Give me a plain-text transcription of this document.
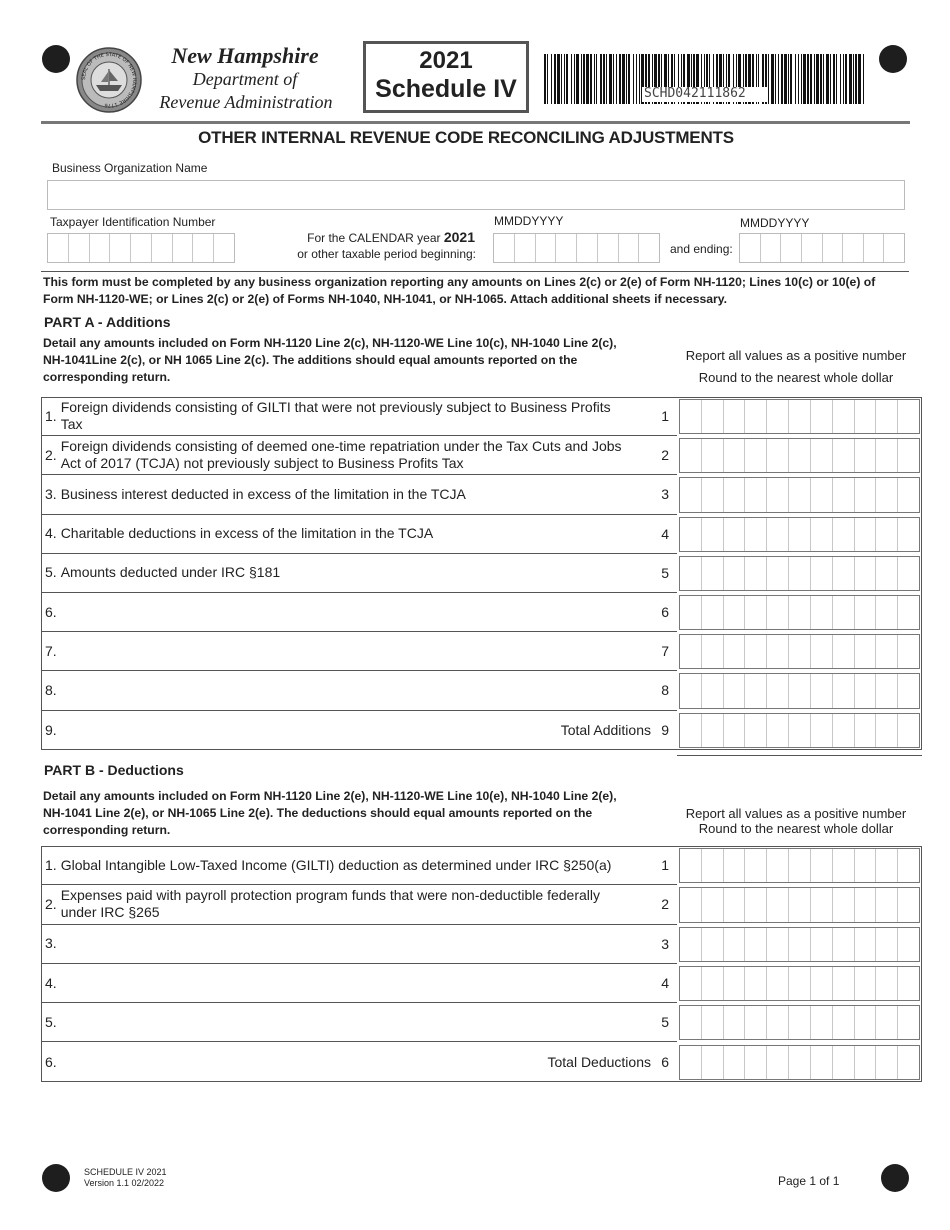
SEAL OF THE STATE OF NEW HAMPSHIRE 1776
New Hampshire
Department of
Revenue Administration
2021
Schedule IV	SCHD042111862
OTHER INTERNAL REVENUE CODE RECONCILING ADJUSTMENTS
Business Organization Name
Taxpayer Identification Number
For the CALENDAR year 2021
or other taxable period beginning:
MMDDYYYY
and ending:
MMDDYYYY
This form must be completed by any business organization reporting any amounts on Lines 2(c) or 2(e) of Form NH-1120; Lines 10(c) or 10(e) of Form NH-1120-WE; or Lines 2(c) or 2(e) of Forms NH-1040, NH-1041, or NH-1065. Attach additional sheets if necessary.
PART A - Additions
Detail any amounts included on Form NH-1120 Line 2(c), NH-1120-WE Line 10(c), NH-1040 Line 2(c), NH-1041Line 2(c), or NH 1065 Line 2(c). The additions should equal amounts reported on the corresponding return.
Report all values as a positive number
Round to the nearest whole dollar
1.
Foreign dividends consisting of GILTI that were not previously subject to Business Profits Tax	1
2.
Foreign dividends consisting of deemed one-time repatriation under the Tax Cuts and Jobs Act of 2017 (TCJA) not previously subject to Business Profits Tax	2
3. Business interest deducted in excess of the limitation in the TCJA	3
4. Charitable deductions in excess of the limitation in the TCJA	4
5. Amounts deducted under IRC §181	5
6.	6
7.	7
8.	8
9.	Total Additions 9
PART B - Deductions
Detail any amounts included on Form NH-1120 Line 2(e), NH-1120-WE Line 10(e), NH-1040 Line 2(e), NH-1041 Line 2(e), or NH-1065 Line 2(e). The deductions should equal amounts reported on the corresponding return.
Report all values as a positive number
Round to the nearest whole dollar
1. Global Intangible Low-Taxed Income (GILTI) deduction as determined under IRC §250(a)	1
2.
Expenses paid with payroll protection program funds that were non-deductible federally under IRC §265	2
3.	3
4.	4
5.	5
6.	Total Deductions 6
SCHEDULE IV 2021
Version 1.1 02/2022	Page 1 of 1
